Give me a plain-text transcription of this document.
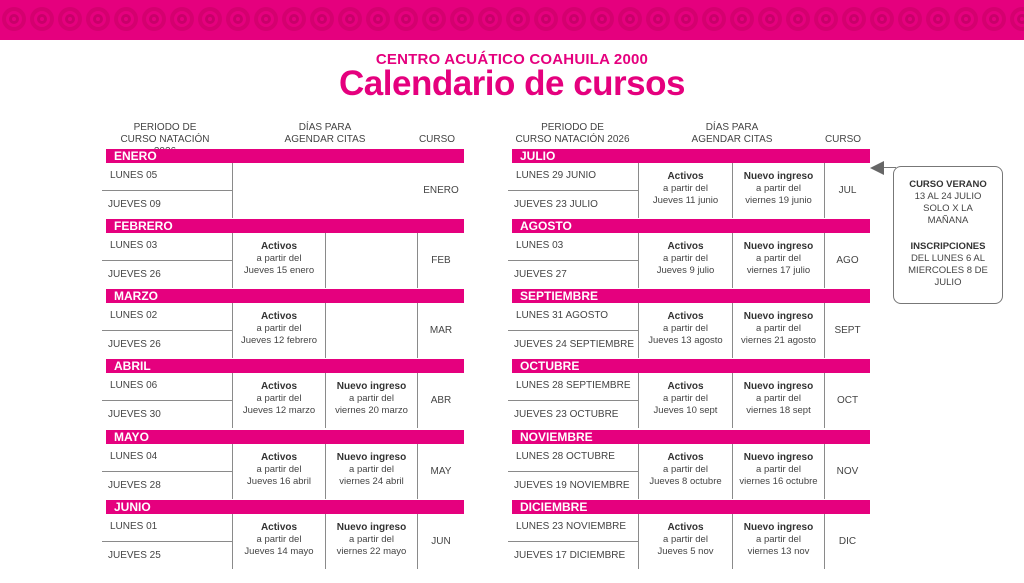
CENTRO ACUÁTICO COAHUILA 2000
Calendario de cursos
PERIODO DE
CURSO NATACIÓN
DÍAS PARA
AGENDAR CITAS	CURSO
PERIODO DE
CURSO NATACIÓN 2026
DÍAS PARA
AGENDAR CITAS	CURSO
ENERO
LUNES 05
JUEVES 09
ENERO
FEBRERO
LUNES 03
JUEVES 26
Activos
a partir del
Jueves 15 enero
FEB
MARZO
LUNES 02
JUEVES 26
Activos
a partir del
Jueves 12 febrero
MAR
ABRIL
LUNES 06
JUEVES 30
Activos
a partir del
Jueves 12 marzo
Nuevo ingreso
a partir del
viernes 20 marzo
ABR
MAYO
LUNES 04
JUEVES 28
Activos
a partir del
Jueves 16 abril
Nuevo ingreso
a partir del
viernes 24 abril
MAY
JUNIO
LUNES 01
JUEVES 25
Activos
a partir del
Jueves 14 mayo
Nuevo ingreso
a partir del
viernes 22 mayo
JUN
JULIO
LUNES 29 JUNIO
JUEVES 23 JULIO
Activos
a partir del
Jueves 11 junio
Nuevo ingreso
a partir del
viernes 19 junio
JUL
AGOSTO
LUNES 03
JUEVES 27
Activos
a partir del
Jueves 9 julio
Nuevo ingreso
a partir del
viernes 17 julio
AGO
SEPTIEMBRE
LUNES 31 AGOSTO
JUEVES 24 SEPTIEMBRE
Activos
a partir del
Jueves 13 agosto
Nuevo ingreso
a partir del
viernes 21 agosto
SEPT
OCTUBRE
LUNES 28 SEPTIEMBRE
JUEVES 23 OCTUBRE
Activos
a partir del
Jueves 10 sept
Nuevo ingreso
a partir del
viernes 18 sept
OCT
NOVIEMBRE
LUNES 28 OCTUBRE
JUEVES 19 NOVIEMBRE
Activos
a partir del
Jueves 8 octubre
Nuevo ingreso
a partir del
viernes 16 octubre
NOV
DICIEMBRE
LUNES 23 NOVIEMBRE
JUEVES 17 DICIEMBRE
Activos
a partir del
Jueves 5 nov
Nuevo ingreso
a partir del
viernes 13 nov
DIC
CURSO VERANO
13 AL 24 JULIO
SOLO X LA
MAÑANA
INSCRIPCIONES
DEL LUNES 6 AL
MIERCOLES 8 DE
JULIO
